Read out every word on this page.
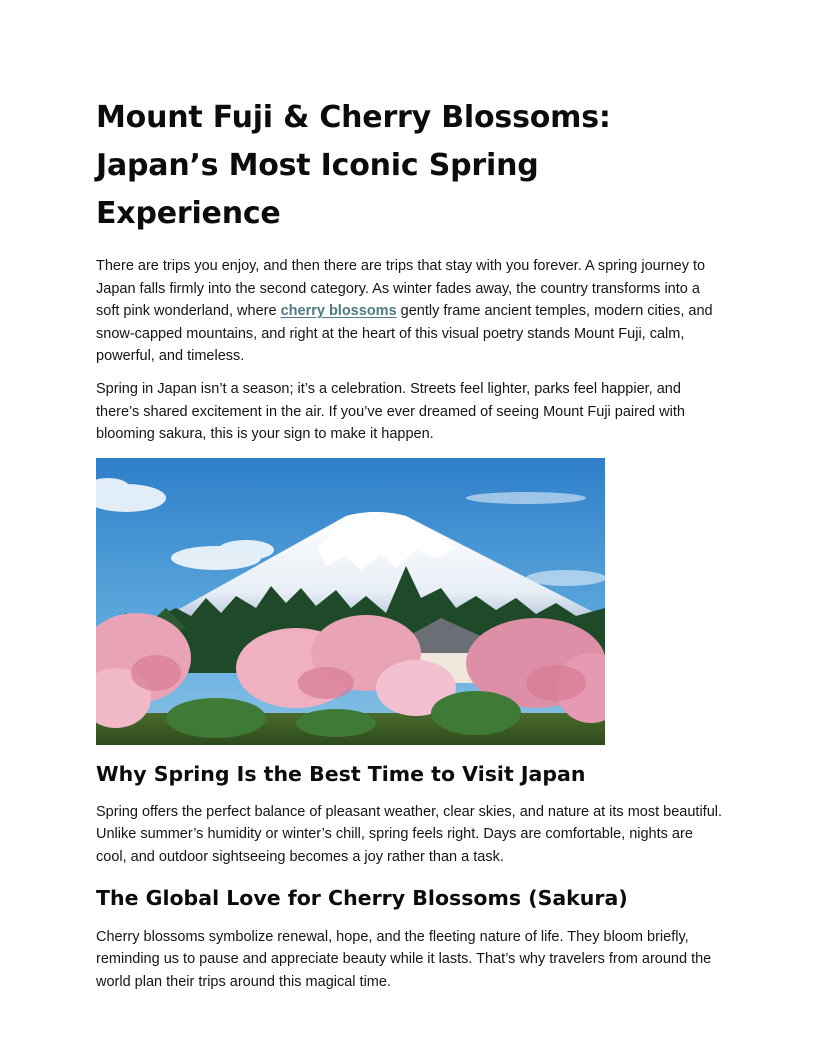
Mount Fuji & Cherry Blossoms: Japan’s Most Iconic Spring Experience

There are trips you enjoy, and then there are trips that stay with you forever. A spring journey to Japan falls firmly into the second category. As winter fades away, the country transforms into a soft pink wonderland, where cherry blossoms gently frame ancient temples, modern cities, and snow-capped mountains, and right at the heart of this visual poetry stands Mount Fuji, calm, powerful, and timeless.

Spring in Japan isn’t a season; it’s a celebration. Streets feel lighter, parks feel happier, and there’s shared excitement in the air. If you’ve ever dreamed of seeing Mount Fuji paired with blooming sakura, this is your sign to make it happen.

Why Spring Is the Best Time to Visit Japan

Spring offers the perfect balance of pleasant weather, clear skies, and nature at its most beautiful. Unlike summer’s humidity or winter’s chill, spring feels right. Days are comfortable, nights are cool, and outdoor sightseeing becomes a joy rather than a task.

The Global Love for Cherry Blossoms (Sakura)

Cherry blossoms symbolize renewal, hope, and the fleeting nature of life. They bloom briefly, reminding us to pause and appreciate beauty while it lasts. That’s why travelers from around the world plan their trips around this magical time.
